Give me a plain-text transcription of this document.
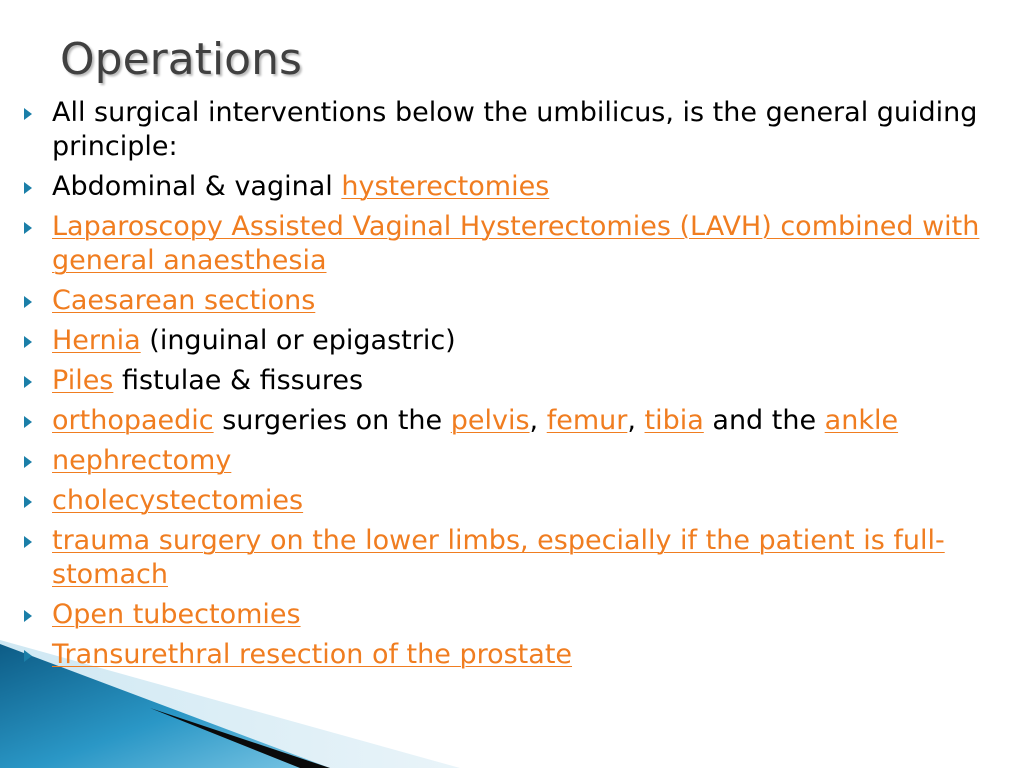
Operations
All surgical interventions below the umbilicus, is the general guiding principle:
Abdominal & vaginal hysterectomies
Laparoscopy Assisted Vaginal Hysterectomies (LAVH) combined with general anaesthesia
Caesarean sections
Hernia (inguinal or epigastric)
Piles fistulae & fissures
orthopaedic surgeries on the pelvis, femur, tibia and the ankle
nephrectomy
cholecystectomies
trauma surgery on the lower limbs, especially if the patient is full-stomach
Open tubectomies
Transurethral resection of the prostate
